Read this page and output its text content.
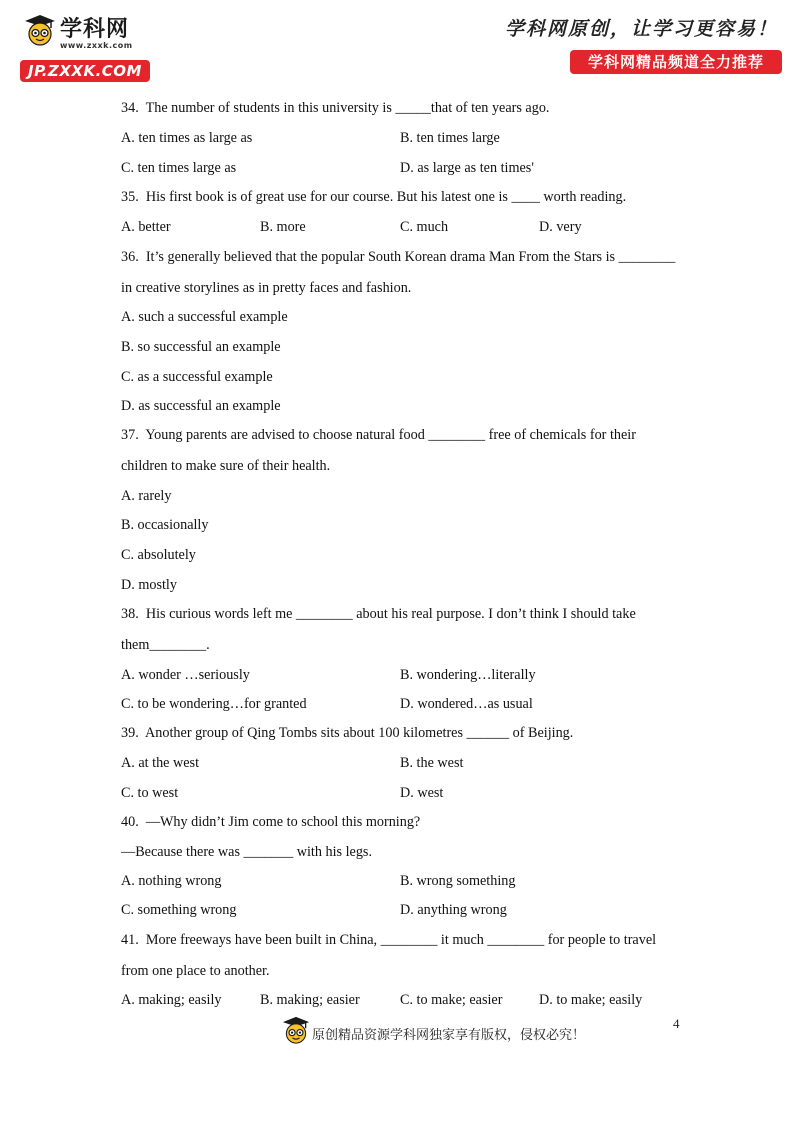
学科网
www.zxxk.com
JP.ZXXK.COM
学科网原创，让学习更容易！
学科网精品频道全力推荐
34. The number of students in this university is _____that of ten years ago.
A. ten times as large as	B. ten times large
C. ten times large as	D. as large as ten times'
35. His first book is of great use for our course. But his latest one is ____ worth reading.
A. better	B. more	C. much	D. very
36. It’s generally believed that the popular South Korean drama Man From the Stars is ________
in creative storylines as in pretty faces and fashion.
A. such a successful example
B. so successful an example
C. as a successful example
D. as successful an example
37. Young parents are advised to choose natural food ________ free of chemicals for their
children to make sure of their health.
A. rarely
B. occasionally
C. absolutely
D. mostly
38. His curious words left me ________ about his real purpose. I don’t think I should take
them________.
A. wonder …seriously	B. wondering…literally
C. to be wondering…for granted	D. wondered…as usual
39. Another group of Qing Tombs sits about 100 kilometres ______ of Beijing.
A. at the west	B. the west
C. to west	D. west
40. —Why didn’t Jim come to school this morning?
—Because there was _______ with his legs.
A. nothing wrong	B. wrong something
C. something wrong	D. anything wrong
41. More freeways have been built in China, ________ it much ________ for people to travel
from one place to another.
A. making; easily	B. making; easier	C. to make; easier	D. to make; easily
原创精品资源学科网独家享有版权，侵权必究！
4
